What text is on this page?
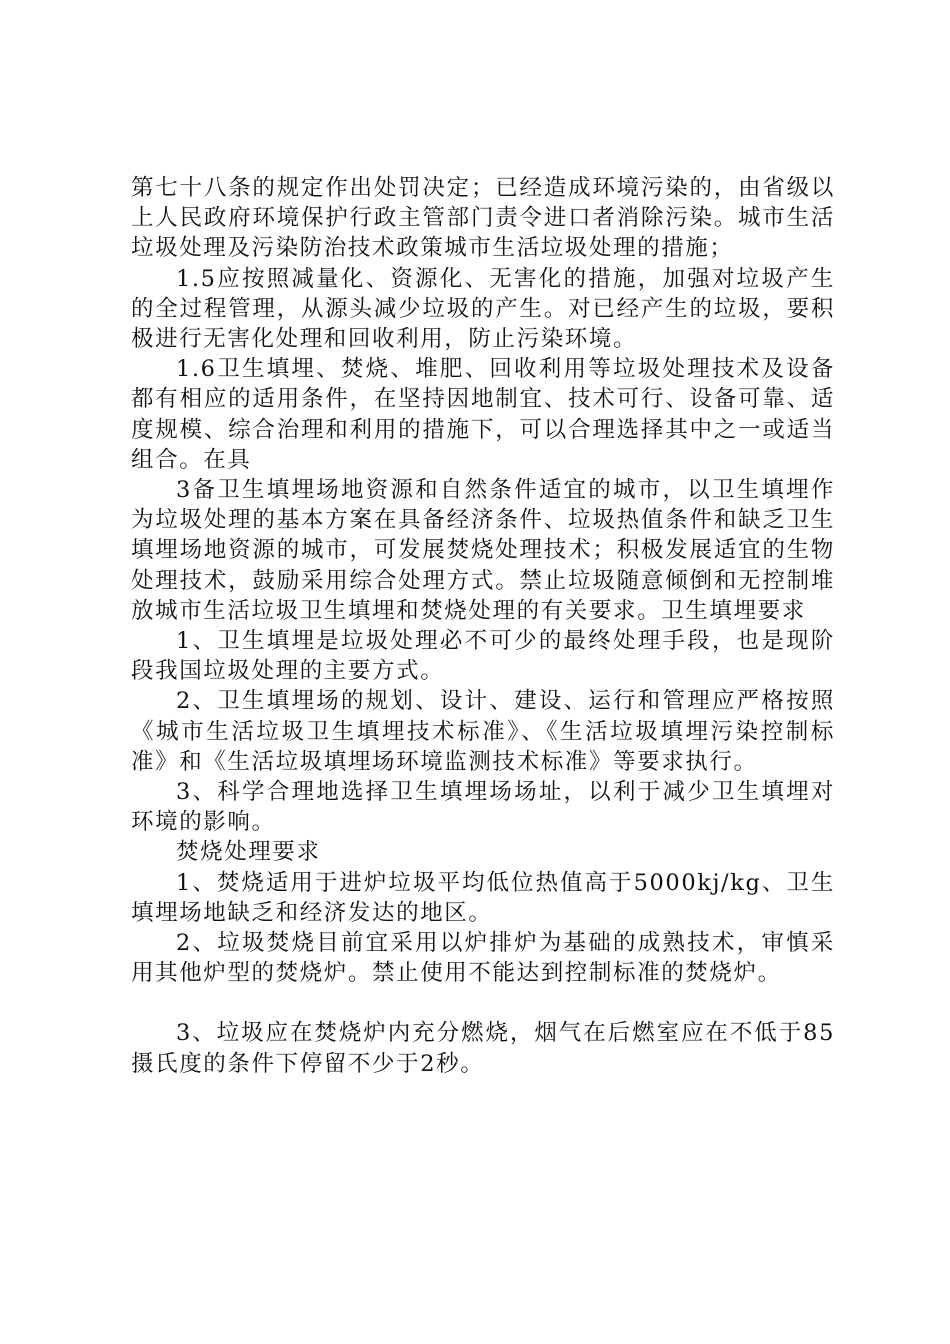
第七十八条的规定作出处罚决定；已经造成环境污染的，由省级以上人民政府环境保护行政主管部门责令进口者消除污染。城市生活垃圾处理及污染防治技术政策城市生活垃圾处理的措施；

1.5应按照减量化、资源化、无害化的措施，加强对垃圾产生的全过程管理，从源头减少垃圾的产生。对已经产生的垃圾，要积极进行无害化处理和回收利用，防止污染环境。

1.6卫生填埋、焚烧、堆肥、回收利用等垃圾处理技术及设备都有相应的适用条件，在坚持因地制宜、技术可行、设备可靠、适度规模、综合治理和利用的措施下，可以合理选择其中之一或适当组合。在具

3备卫生填埋场地资源和自然条件适宜的城市，以卫生填埋作为垃圾处理的基本方案在具备经济条件、垃圾热值条件和缺乏卫生填埋场地资源的城市，可发展焚烧处理技术；积极发展适宜的生物处理技术，鼓励采用综合处理方式。禁止垃圾随意倾倒和无控制堆放城市生活垃圾卫生填埋和焚烧处理的有关要求。卫生填埋要求

1、卫生填埋是垃圾处理必不可少的最终处理手段，也是现阶段我国垃圾处理的主要方式。

2、卫生填埋场的规划、设计、建设、运行和管理应严格按照《城市生活垃圾卫生填埋技术标准》、《生活垃圾填埋污染控制标准》和《生活垃圾填埋场环境监测技术标准》等要求执行。

3、科学合理地选择卫生填埋场场址，以利于减少卫生填埋对环境的影响。

焚烧处理要求

1、焚烧适用于进炉垃圾平均低位热值高于5000kj/kg、卫生填埋场地缺乏和经济发达的地区。

2、垃圾焚烧目前宜采用以炉排炉为基础的成熟技术，审慎采用其他炉型的焚烧炉。禁止使用不能达到控制标准的焚烧炉。

3、垃圾应在焚烧炉内充分燃烧，烟气在后燃室应在不低于85摄氏度的条件下停留不少于2秒。
